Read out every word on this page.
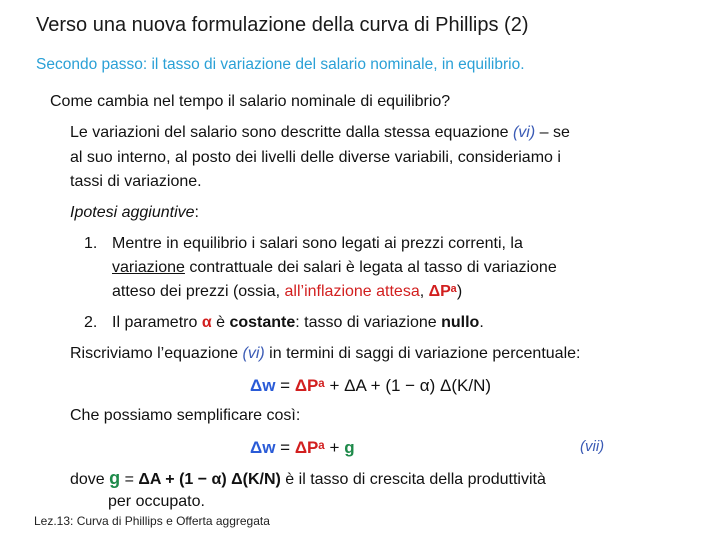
Verso una nuova formulazione della curva di Phillips (2)
Secondo passo: il tasso di variazione del salario nominale, in equilibrio.
Come cambia nel tempo il salario nominale di equilibrio?
Le variazioni del salario sono descritte dalla stessa equazione (vi) – se
al suo interno, al posto dei livelli delle diverse variabili, consideriamo i
tassi di variazione.
Ipotesi aggiuntive:
1. Mentre in equilibrio i salari sono legati ai prezzi correnti, la
variazione contrattuale dei salari è legata al tasso di variazione
atteso dei prezzi (ossia, all’inflazione attesa, ΔPᵃ)
2. Il parametro α è costante: tasso di variazione nullo.
Riscriviamo l’equazione (vi) in termini di saggi di variazione percentuale:
Δw = ΔPᵃ + ΔA + (1 − α) Δ(K/N)
Che possiamo semplificare così:
Δw = ΔPᵃ + g	(vii)
dove g = ΔA + (1 − α) Δ(K/N) è il tasso di crescita della produttività
per occupato.
Lez.13: Curva di Phillips e Offerta aggregata
